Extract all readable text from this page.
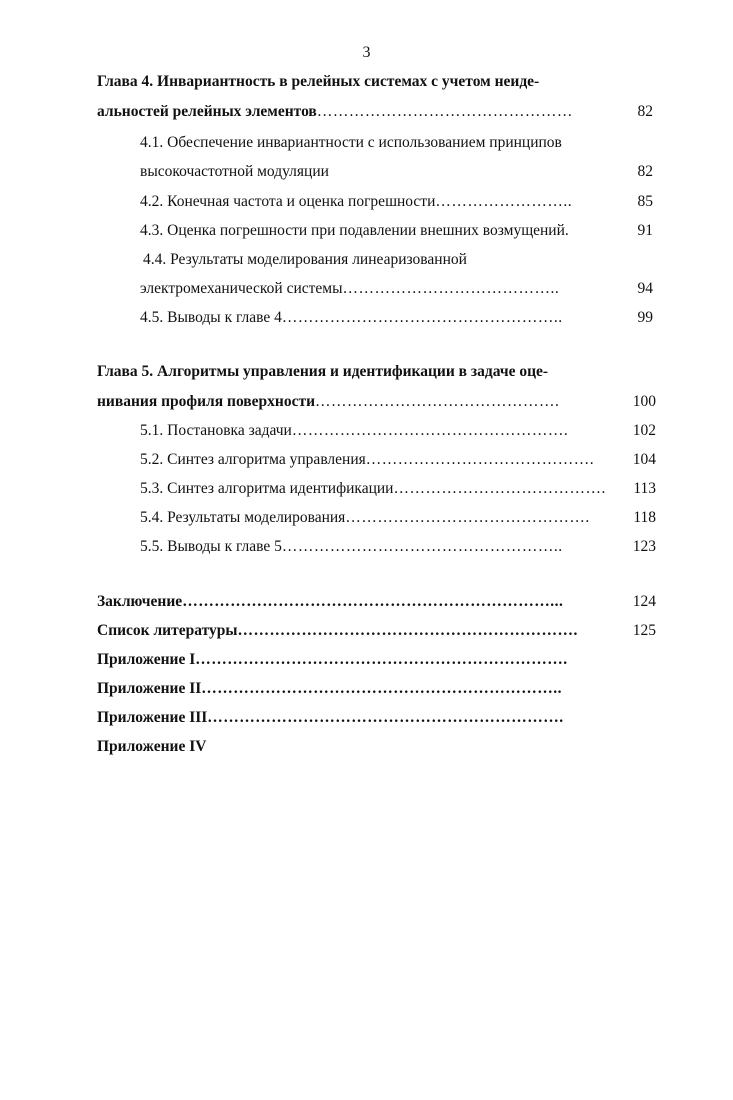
3
Глава 4. Инвариантность в релейных системах с учетом неиде-
альностей релейных элементов…………………………………………	82
4.1. Обеспечение инвариантности с использованием принципов
высокочастотной модуляции	82
4.2. Конечная частота и оценка погрешности……………………..	85
4.3. Оценка погрешности при подавлении внешних возмущений.	91
4.4. Результаты моделирования линеаризованной
электромеханической системы…………………………………..	94
4.5. Выводы к главе 4……………………………………………..	99
Глава 5. Алгоритмы управления и идентификации в задаче оце-
нивания профиля поверхности……………………………………….	100
5.1. Постановка задачи…………………………………………….	102
5.2. Синтез алгоритма управления…………………………………….	104
5.3. Синтез алгоритма идентификации………………………………….	113
5.4. Результаты моделирования……………………………………….	118
5.5. Выводы к главе 5……………………………………………..	123
Заключение……………………………………………………………...	124
Список литературы……………………………………………………….	125
Приложение I…………………………………………………………….
Приложение II…………………………………………………………..
Приложение III………………………………………………………….
Приложение IV
